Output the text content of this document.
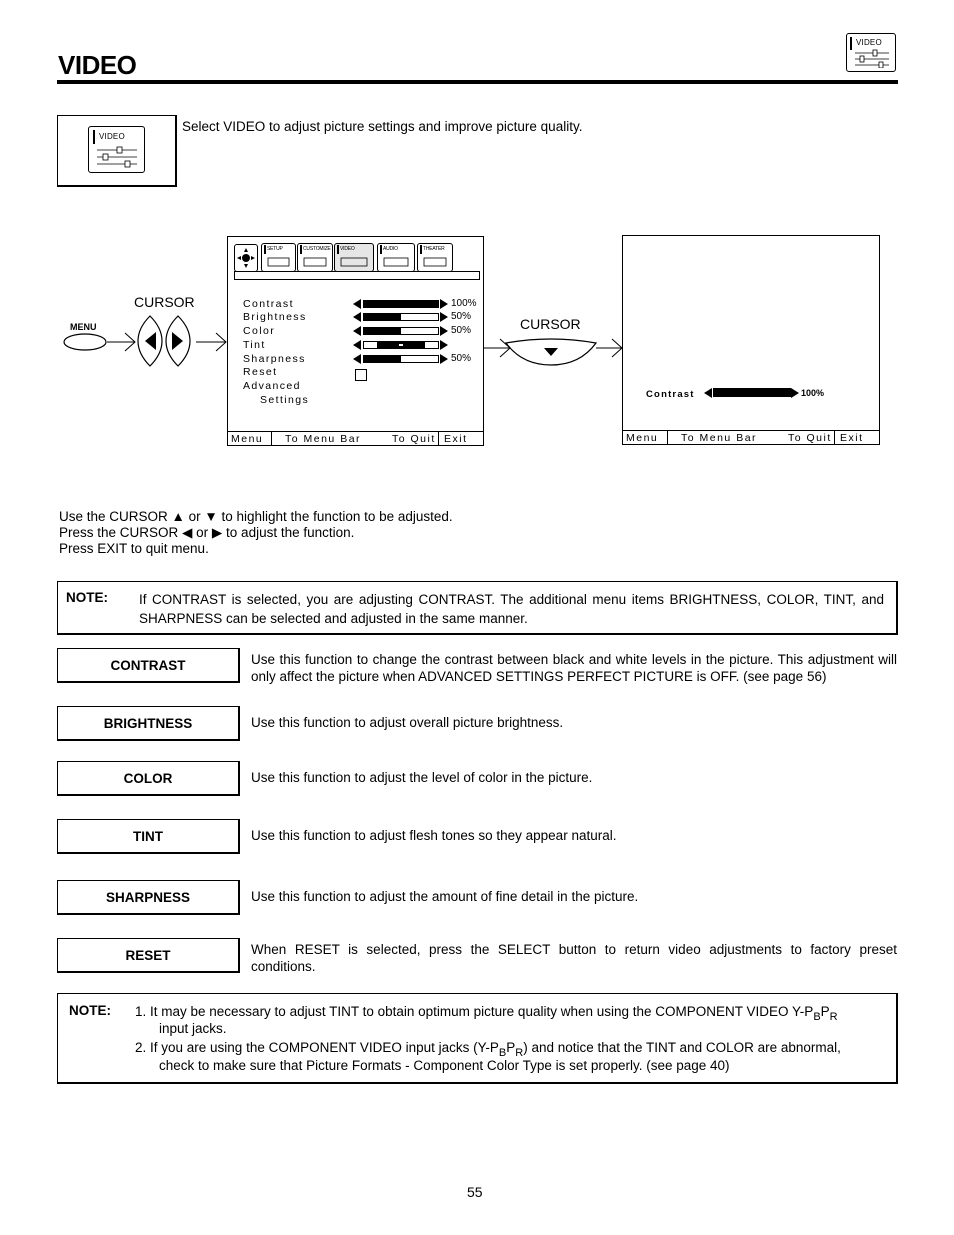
VIDEO
VIDEO
VIDEO
Select VIDEO to adjust picture settings and improve picture quality.
MENU
CURSOR
SETUP	CUSTOMIZE VIDEO	AUDIO	THEATER
Contrast	100%
Brightness	50%
Color	50%
Tint
Sharpness	50%
Reset
Advanced
Settings
Menu To Menu Bar	To Quit Exit
CURSOR
Contrast	100%
Menu To Menu Bar	To Quit Exit
Use the CURSOR ▲ or ▼ to highlight the function to be adjusted.
Press the CURSOR ◀ or ▶ to adjust the function.
Press EXIT to quit menu.
NOTE: If CONTRAST is selected, you are adjusting CONTRAST. The additional menu items BRIGHTNESS, COLOR, TINT, and SHARPNESS can be selected and adjusted in the same manner.
CONTRAST	Use this function to change the contrast between black and white levels in the picture. This adjustment will only affect the picture when ADVANCED SETTINGS PERFECT PICTURE is OFF. (see page 56)
BRIGHTNESS	Use this function to adjust overall picture brightness.
COLOR	Use this function to adjust the level of color in the picture.
TINT	Use this function to adjust flesh tones so they appear natural.
SHARPNESS	Use this function to adjust the amount of fine detail in the picture.
RESET	When RESET is selected, press the SELECT button to return video adjustments to factory preset conditions.
NOTE: 1. It may be necessary to adjust TINT to obtain optimum picture quality when using the COMPONENT VIDEO $Y-P_BP_R$
input jacks.
2. If you are using the COMPONENT VIDEO input jacks $(Y-P_BP_R)$ and notice that the TINT and COLOR are abnormal,
check to make sure that Picture Formats - Component Color Type is set properly. (see page 40)
55
